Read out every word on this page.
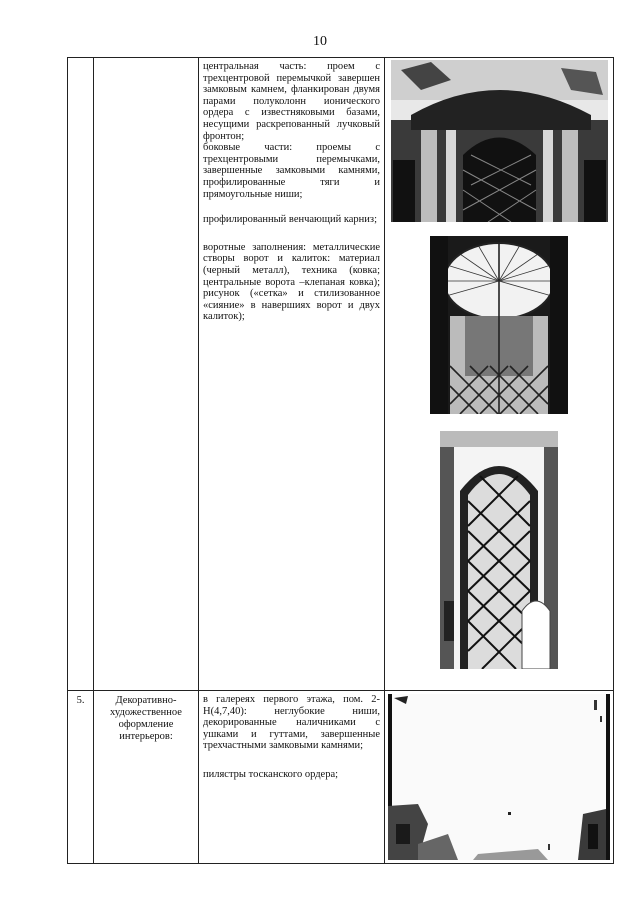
10

		центральная часть: проем с трехцентровой перемычкой завершен замковым камнем, фланкирован двумя парами полуколонн ионического ордера с известняковыми базами, несущими раскрепованный лучковый фронтон;
боковые части: проемы с трехцентровыми перемычками, завершенные замковыми камнями, профилированные тяги и прямоугольные ниши;
профилированный венчающий карниз;
воротные заполнения: металлические створы ворот и калиток: материал (черный металл), техника (ковка; центральные ворота –клепаная ковка); рисунок («сетка» и стилизованное «сияние» в навершиях ворот и двух калиток);

5.	Декоративно-художественное оформление интерьеров:	в галереях первого этажа, пом. 2-Н(4,7,40): неглубокие ниши, декорированные наличниками с ушками и гуттами, завершенные трехчастными замковыми камнями;
пилястры тосканского ордера;
